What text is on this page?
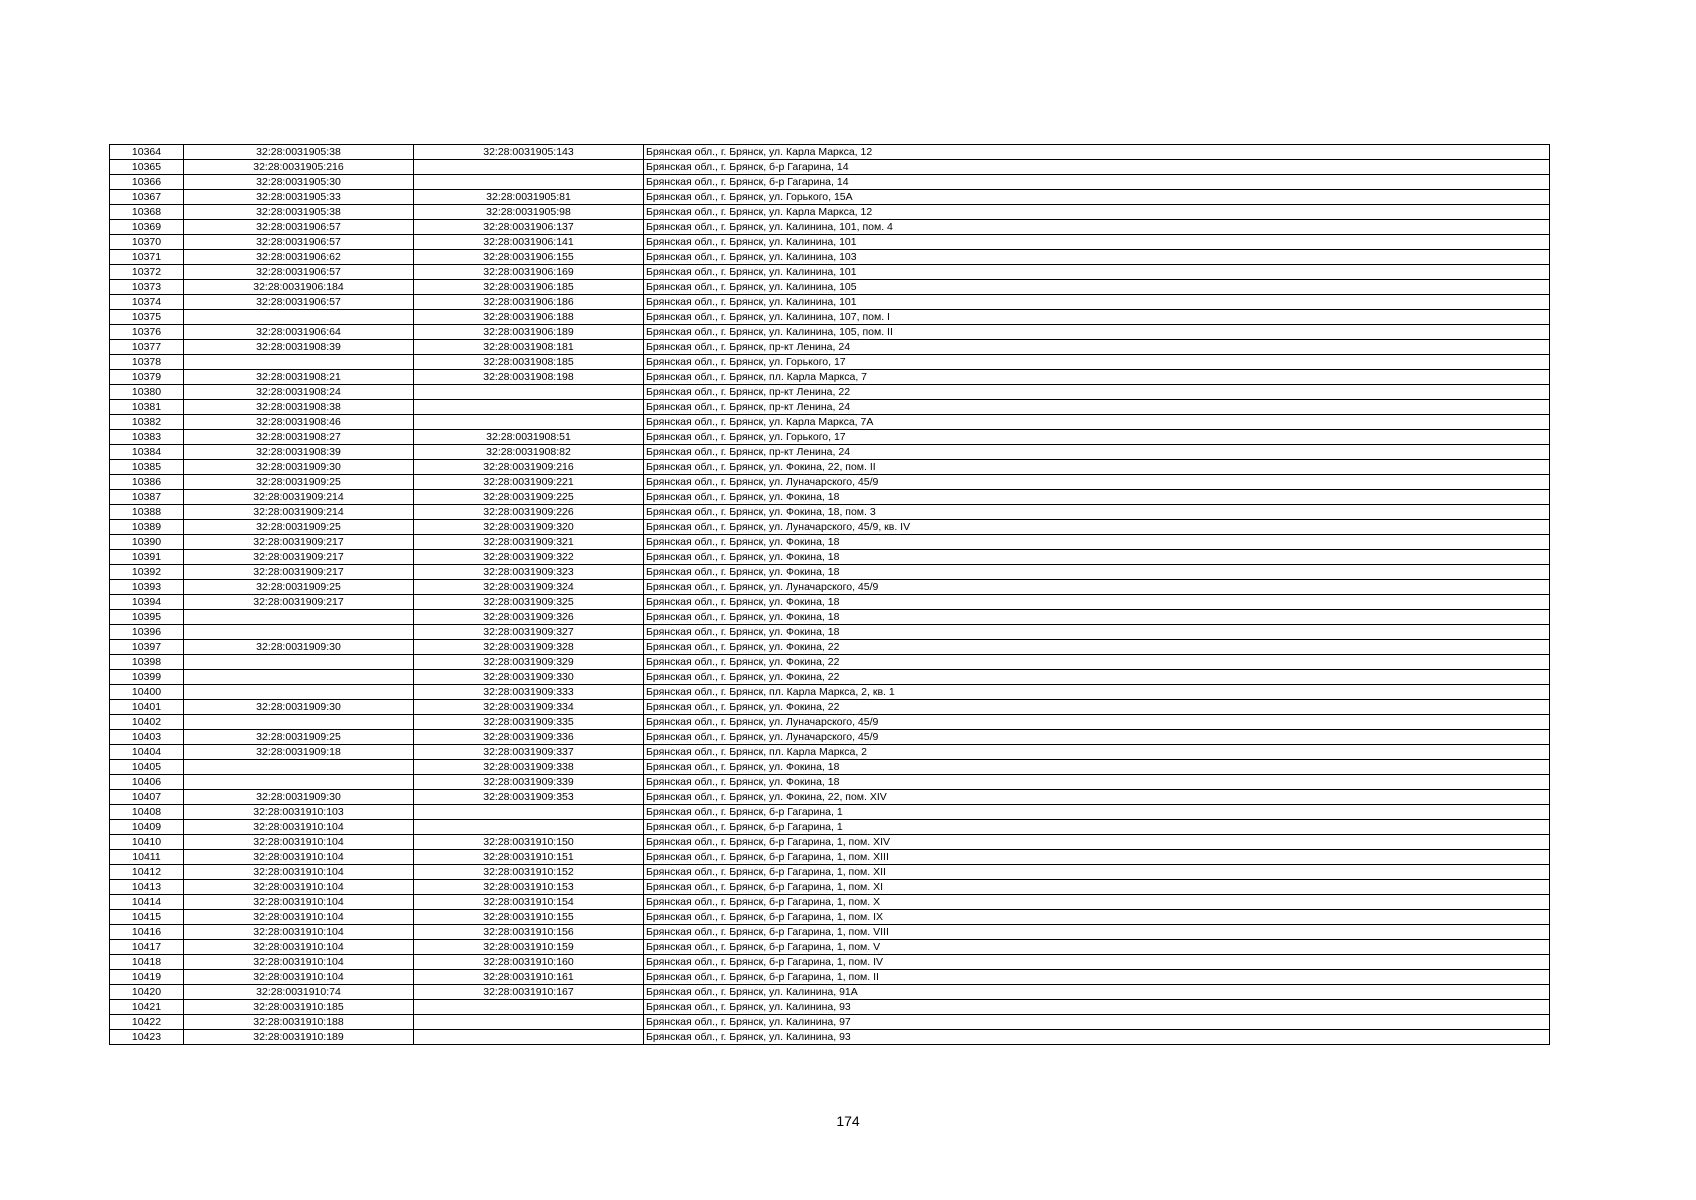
10364	32:28:0031905:38	32:28:0031905:143	Брянская обл., г. Брянск, ул. Карла Маркса, 12
10365	32:28:0031905:216		Брянская обл., г. Брянск, б-р Гагарина, 14
10366	32:28:0031905:30		Брянская обл., г. Брянск, б-р Гагарина, 14
10367	32:28:0031905:33	32:28:0031905:81	Брянская обл., г. Брянск, ул. Горького, 15А
10368	32:28:0031905:38	32:28:0031905:98	Брянская обл., г. Брянск, ул. Карла Маркса, 12
10369	32:28:0031906:57	32:28:0031906:137	Брянская обл., г. Брянск, ул. Калинина, 101, пом. 4
10370	32:28:0031906:57	32:28:0031906:141	Брянская обл., г. Брянск, ул. Калинина, 101
10371	32:28:0031906:62	32:28:0031906:155	Брянская обл., г. Брянск, ул. Калинина, 103
10372	32:28:0031906:57	32:28:0031906:169	Брянская обл., г. Брянск, ул. Калинина, 101
10373	32:28:0031906:184	32:28:0031906:185	Брянская обл., г. Брянск, ул. Калинина, 105
10374	32:28:0031906:57	32:28:0031906:186	Брянская обл., г. Брянск, ул. Калинина, 101
10375		32:28:0031906:188	Брянская обл., г. Брянск, ул. Калинина, 107, пом. I
10376	32:28:0031906:64	32:28:0031906:189	Брянская обл., г. Брянск, ул. Калинина, 105, пом. II
10377	32:28:0031908:39	32:28:0031908:181	Брянская обл., г. Брянск, пр-кт Ленина, 24
10378		32:28:0031908:185	Брянская обл., г. Брянск, ул. Горького, 17
10379	32:28:0031908:21	32:28:0031908:198	Брянская обл., г. Брянск, пл. Карла Маркса, 7
10380	32:28:0031908:24		Брянская обл., г. Брянск, пр-кт Ленина, 22
10381	32:28:0031908:38		Брянская обл., г. Брянск, пр-кт Ленина, 24
10382	32:28:0031908:46		Брянская обл., г. Брянск, ул. Карла Маркса, 7А
10383	32:28:0031908:27	32:28:0031908:51	Брянская обл., г. Брянск, ул. Горького, 17
10384	32:28:0031908:39	32:28:0031908:82	Брянская обл., г. Брянск, пр-кт Ленина, 24
10385	32:28:0031909:30	32:28:0031909:216	Брянская обл., г. Брянск, ул. Фокина, 22, пом. II
10386	32:28:0031909:25	32:28:0031909:221	Брянская обл., г. Брянск, ул. Луначарского, 45/9
10387	32:28:0031909:214	32:28:0031909:225	Брянская обл., г. Брянск, ул. Фокина, 18
10388	32:28:0031909:214	32:28:0031909:226	Брянская обл., г. Брянск, ул. Фокина, 18, пом. 3
10389	32:28:0031909:25	32:28:0031909:320	Брянская обл., г. Брянск, ул. Луначарского, 45/9, кв. IV
10390	32:28:0031909:217	32:28:0031909:321	Брянская обл., г. Брянск, ул. Фокина, 18
10391	32:28:0031909:217	32:28:0031909:322	Брянская обл., г. Брянск, ул. Фокина, 18
10392	32:28:0031909:217	32:28:0031909:323	Брянская обл., г. Брянск, ул. Фокина, 18
10393	32:28:0031909:25	32:28:0031909:324	Брянская обл., г. Брянск, ул. Луначарского, 45/9
10394	32:28:0031909:217	32:28:0031909:325	Брянская обл., г. Брянск, ул. Фокина, 18
10395		32:28:0031909:326	Брянская обл., г. Брянск, ул. Фокина, 18
10396		32:28:0031909:327	Брянская обл., г. Брянск, ул. Фокина, 18
10397	32:28:0031909:30	32:28:0031909:328	Брянская обл., г. Брянск, ул. Фокина, 22
10398		32:28:0031909:329	Брянская обл., г. Брянск, ул. Фокина, 22
10399		32:28:0031909:330	Брянская обл., г. Брянск, ул. Фокина, 22
10400		32:28:0031909:333	Брянская обл., г. Брянск, пл. Карла Маркса, 2, кв. 1
10401	32:28:0031909:30	32:28:0031909:334	Брянская обл., г. Брянск, ул. Фокина, 22
10402		32:28:0031909:335	Брянская обл., г. Брянск, ул. Луначарского, 45/9
10403	32:28:0031909:25	32:28:0031909:336	Брянская обл., г. Брянск, ул. Луначарского, 45/9
10404	32:28:0031909:18	32:28:0031909:337	Брянская обл., г. Брянск, пл. Карла Маркса, 2
10405		32:28:0031909:338	Брянская обл., г. Брянск, ул. Фокина, 18
10406		32:28:0031909:339	Брянская обл., г. Брянск, ул. Фокина, 18
10407	32:28:0031909:30	32:28:0031909:353	Брянская обл., г. Брянск, ул. Фокина, 22, пом. XIV
10408	32:28:0031910:103		Брянская обл., г. Брянск, б-р Гагарина, 1
10409	32:28:0031910:104		Брянская обл., г. Брянск, б-р Гагарина, 1
10410	32:28:0031910:104	32:28:0031910:150	Брянская обл., г. Брянск, б-р Гагарина, 1, пом. XIV
10411	32:28:0031910:104	32:28:0031910:151	Брянская обл., г. Брянск, б-р Гагарина, 1, пом. XIII
10412	32:28:0031910:104	32:28:0031910:152	Брянская обл., г. Брянск, б-р Гагарина, 1, пом. XII
10413	32:28:0031910:104	32:28:0031910:153	Брянская обл., г. Брянск, б-р Гагарина, 1, пом. XI
10414	32:28:0031910:104	32:28:0031910:154	Брянская обл., г. Брянск, б-р Гагарина, 1, пом. X
10415	32:28:0031910:104	32:28:0031910:155	Брянская обл., г. Брянск, б-р Гагарина, 1, пом. IX
10416	32:28:0031910:104	32:28:0031910:156	Брянская обл., г. Брянск, б-р Гагарина, 1, пом. VIII
10417	32:28:0031910:104	32:28:0031910:159	Брянская обл., г. Брянск, б-р Гагарина, 1, пом. V
10418	32:28:0031910:104	32:28:0031910:160	Брянская обл., г. Брянск, б-р Гагарина, 1, пом. IV
10419	32:28:0031910:104	32:28:0031910:161	Брянская обл., г. Брянск, б-р Гагарина, 1, пом. II
10420	32:28:0031910:74	32:28:0031910:167	Брянская обл., г. Брянск, ул. Калинина, 91А
10421	32:28:0031910:185		Брянская обл., г. Брянск, ул. Калинина, 93
10422	32:28:0031910:188		Брянская обл., г. Брянск, ул. Калинина, 97
10423	32:28:0031910:189		Брянская обл., г. Брянск, ул. Калинина, 93
174
